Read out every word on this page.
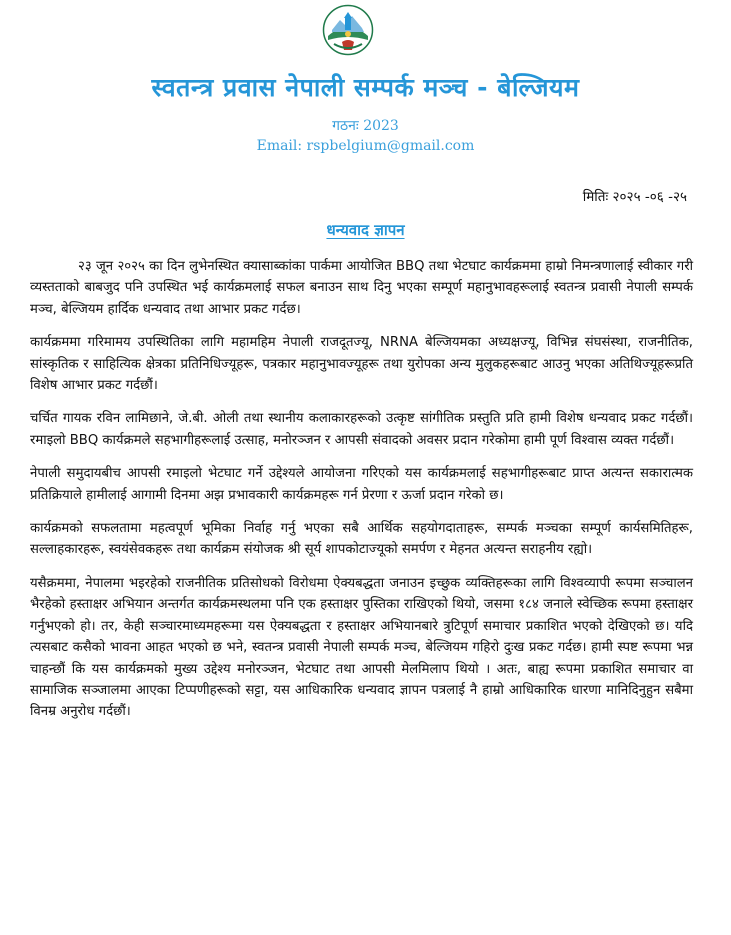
स्वतन्त्र प्रवास नेपाली सम्पर्क मञ्च - बेल्जियम
गठनः 2023
Email: rspbelgium@gmail.com
मितिः २०२५ -०६ -२५
धन्यवाद ज्ञापन

२३ जून २०२५ का दिन लुभेनस्थित क्यासाब्कांका पार्कमा आयोजित BBQ तथा भेटघाट कार्यक्रममा हाम्रो निमन्त्रणालाई स्वीकार गरी व्यस्तताको बाबजुद पनि उपस्थित भई कार्यक्रमलाई सफल बनाउन साथ दिनु भएका सम्पूर्ण महानुभावहरूलाई स्वतन्त्र प्रवासी नेपाली सम्पर्क मञ्च, बेल्जियम हार्दिक धन्यवाद तथा आभार प्रकट गर्दछ।

कार्यक्रममा गरिमामय उपस्थितिका लागि महामहिम नेपाली राजदूतज्यू, NRNA बेल्जियमका अध्यक्षज्यू, विभिन्न संघसंस्था, राजनीतिक, सांस्कृतिक र साहित्यिक क्षेत्रका प्रतिनिधिज्यूहरू, पत्रकार महानुभावज्यूहरू तथा युरोपका अन्य मुलुकहरूबाट आउनु भएका अतिथिज्यूहरूप्रति विशेष आभार प्रकट गर्दछौं।

चर्चित गायक रविन लामिछाने, जे.बी. ओली तथा स्थानीय कलाकारहरूको उत्कृष्ट सांगीतिक प्रस्तुति प्रति हामी विशेष धन्यवाद प्रकट गर्दछौं। रमाइलो BBQ कार्यक्रमले सहभागीहरूलाई उत्साह, मनोरञ्जन र आपसी संवादको अवसर प्रदान गरेकोमा हामी पूर्ण विश्वास व्यक्त गर्दछौं।

नेपाली समुदायबीच आपसी रमाइलो भेटघाट गर्ने उद्देश्यले आयोजना गरिएको यस कार्यक्रमलाई सहभागीहरूबाट प्राप्त अत्यन्त सकारात्मक प्रतिक्रियाले हामीलाई आगामी दिनमा अझ प्रभावकारी कार्यक्रमहरू गर्न प्रेरणा र ऊर्जा प्रदान गरेको छ।

कार्यक्रमको सफलतामा महत्वपूर्ण भूमिका निर्वाह गर्नु भएका सबै आर्थिक सहयोगदाताहरू, सम्पर्क मञ्चका सम्पूर्ण कार्यसमितिहरू, सल्लाहकारहरू, स्वयंसेवकहरू तथा कार्यक्रम संयोजक श्री सूर्य शापकोटाज्यूको समर्पण र मेहनत अत्यन्त सराहनीय रह्यो।

यसैक्रममा, नेपालमा भइरहेको राजनीतिक प्रतिसोधको विरोधमा ऐक्यबद्धता जनाउन इच्छुक व्यक्तिहरूका लागि विश्वव्यापी रूपमा सञ्चालन भैरहेको हस्ताक्षर अभियान अन्तर्गत कार्यक्रमस्थलमा पनि एक हस्ताक्षर पुस्तिका राखिएको थियो, जसमा १८४ जनाले स्वेच्छिक रूपमा हस्ताक्षर गर्नुभएको हो। तर, केही सञ्चारमाध्यमहरूमा यस ऐक्यबद्धता र हस्ताक्षर अभियानबारे त्रुटिपूर्ण समाचार प्रकाशित भएको देखिएको छ। यदि त्यसबाट कसैको भावना आहत भएको छ भने, स्वतन्त्र प्रवासी नेपाली सम्पर्क मञ्च, बेल्जियम गहिरो दुःख प्रकट गर्दछ। हामी स्पष्ट रूपमा भन्न चाहन्छौं कि यस कार्यक्रमको मुख्य उद्देश्य मनोरञ्जन, भेटघाट तथा आपसी मेलमिलाप थियो । अतः, बाह्य रूपमा प्रकाशित समाचार वा सामाजिक सञ्जालमा आएका टिप्पणीहरूको सट्टा, यस आधिकारिक धन्यवाद ज्ञापन पत्रलाई नै हाम्रो आधिकारिक धारणा मानिदिनुहुन सबैमा विनम्र अनुरोध गर्दछौं।
